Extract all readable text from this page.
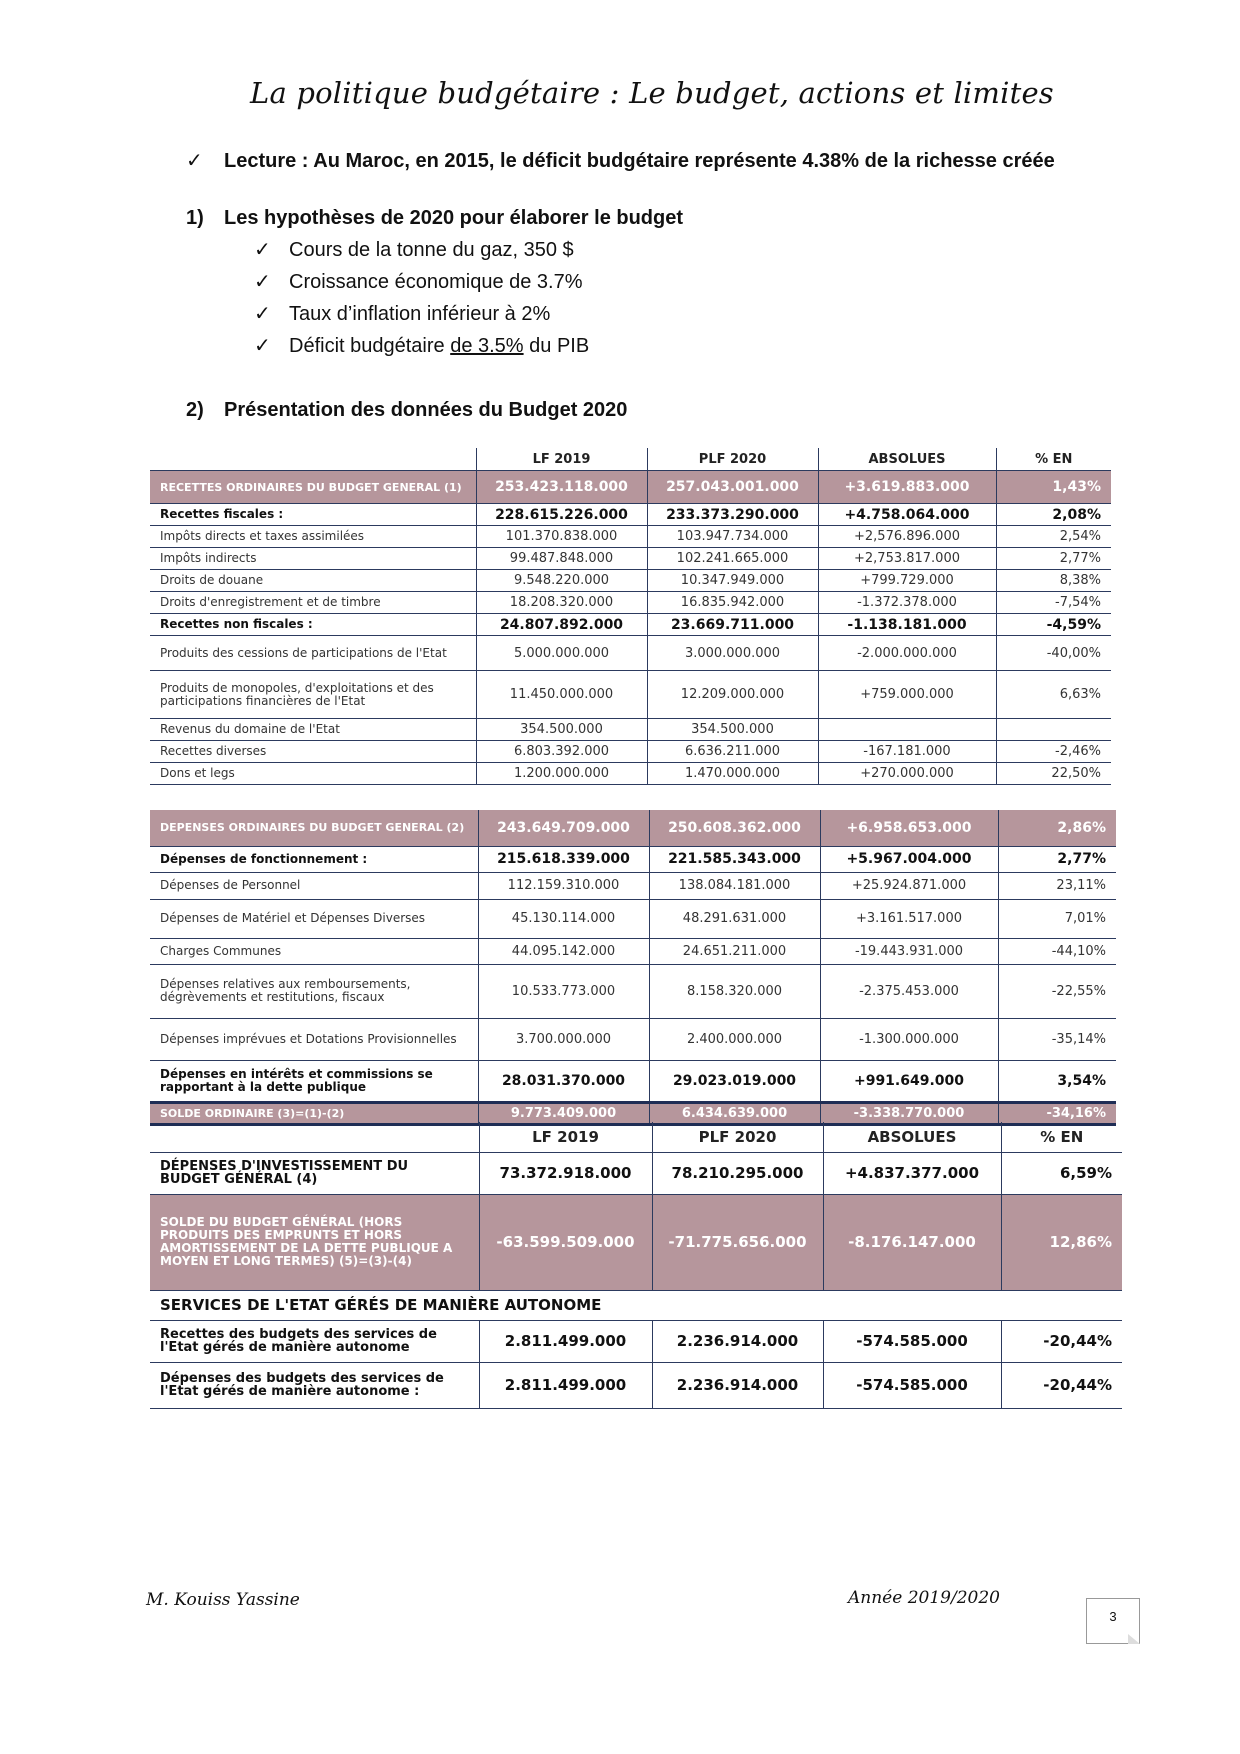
La politique budgétaire : Le budget, actions et limites
✓ Lecture : Au Maroc, en 2015, le déficit budgétaire représente 4.38% de la richesse créée
1) Les hypothèses de 2020 pour élaborer le budget
✓ Cours de la tonne du gaz, 350 $
✓ Croissance économique de 3.7%
✓ Taux d’inflation inférieur à 2%
✓ Déficit budgétaire de 3.5% du PIB
2) Présentation des données du Budget 2020
	LF 2019	PLF 2020	ABSOLUES	% EN
RECETTES ORDINAIRES DU BUDGET GENERAL (1)	253.423.118.000	257.043.001.000	+3.619.883.000	1,43%
Recettes fiscales :	228.615.226.000	233.373.290.000	+4.758.064.000	2,08%
Impôts directs et taxes assimilées	101.370.838.000	103.947.734.000	+2,576.896.000	2,54%
Impôts indirects	99.487.848.000	102.241.665.000	+2,753.817.000	2,77%
Droits de douane	9.548.220.000	10.347.949.000	+799.729.000	8,38%
Droits d'enregistrement et de timbre	18.208.320.000	16.835.942.000	-1.372.378.000	-7,54%
Recettes non fiscales :	24.807.892.000	23.669.711.000	-1.138.181.000	-4,59%
Produits des cessions de participations de l'Etat	5.000.000.000	3.000.000.000	-2.000.000.000	-40,00%
Produits de monopoles, d'exploitations et des participations financières de l'Etat	11.450.000.000	12.209.000.000	+759.000.000	6,63%
Revenus du domaine de l'Etat	354.500.000	354.500.000		
Recettes diverses	6.803.392.000	6.636.211.000	-167.181.000	-2,46%
Dons et legs	1.200.000.000	1.470.000.000	+270.000.000	22,50%
DEPENSES ORDINAIRES DU BUDGET GENERAL (2)	243.649.709.000	250.608.362.000	+6.958.653.000	2,86%
Dépenses de fonctionnement :	215.618.339.000	221.585.343.000	+5.967.004.000	2,77%
Dépenses de Personnel	112.159.310.000	138.084.181.000	+25.924.871.000	23,11%
Dépenses de Matériel et Dépenses Diverses	45.130.114.000	48.291.631.000	+3.161.517.000	7,01%
Charges Communes	44.095.142.000	24.651.211.000	-19.443.931.000	-44,10%
Dépenses relatives aux remboursements, dégrèvements et restitutions, fiscaux	10.533.773.000	8.158.320.000	-2.375.453.000	-22,55%
Dépenses imprévues et Dotations Provisionnelles	3.700.000.000	2.400.000.000	-1.300.000.000	-35,14%
Dépenses en intérêts et commissions se rapportant à la dette publique	28.031.370.000	29.023.019.000	+991.649.000	3,54%
SOLDE ORDINAIRE (3)=(1)-(2)	9.773.409.000	6.434.639.000	-3.338.770.000	-34,16%
	LF 2019	PLF 2020	ABSOLUES	% EN
DÉPENSES D'INVESTISSEMENT DU BUDGET GÉNÉRAL (4)	73.372.918.000	78.210.295.000	+4.837.377.000	6,59%
SOLDE DU BUDGET GÉNÉRAL (HORS PRODUITS DES EMPRUNTS ET HORS AMORTISSEMENT DE LA DETTE PUBLIQUE A MOYEN ET LONG TERMES) (5)=(3)-(4)	-63.599.509.000	-71.775.656.000	-8.176.147.000	12,86%
SERVICES DE L'ETAT GÉRÉS DE MANIÈRE AUTONOME				
Recettes des budgets des services de l'Etat gérés de manière autonome	2.811.499.000	2.236.914.000	-574.585.000	-20,44%
Dépenses des budgets des services de l'Etat gérés de manière autonome :	2.811.499.000	2.236.914.000	-574.585.000	-20,44%
M. Kouiss Yassine	Année 2019/2020
3
